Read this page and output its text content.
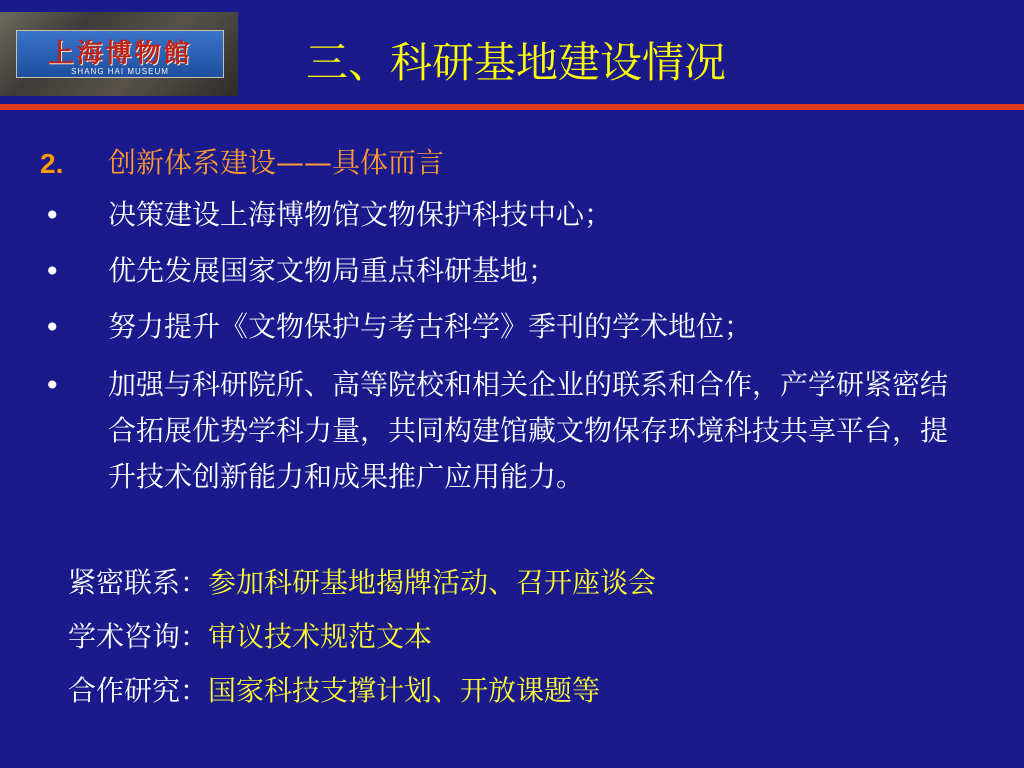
上海博物館
SHANG HAI MUSEUM	三、科研基地建设情况
2. 创新体系建设——具体而言
• 决策建设上海博物馆文物保护科技中心；
• 优先发展国家文物局重点科研基地；
• 努力提升《文物保护与考古科学》季刊的学术地位；
• 加强与科研院所、高等院校和相关企业的联系和合作，产学研紧密结合拓展优势学科力量，共同构建馆藏文物保存环境科技共享平台，提升技术创新能力和成果推广应用能力。
紧密联系：参加科研基地揭牌活动、召开座谈会
学术咨询：审议技术规范文本
合作研究：国家科技支撑计划、开放课题等
